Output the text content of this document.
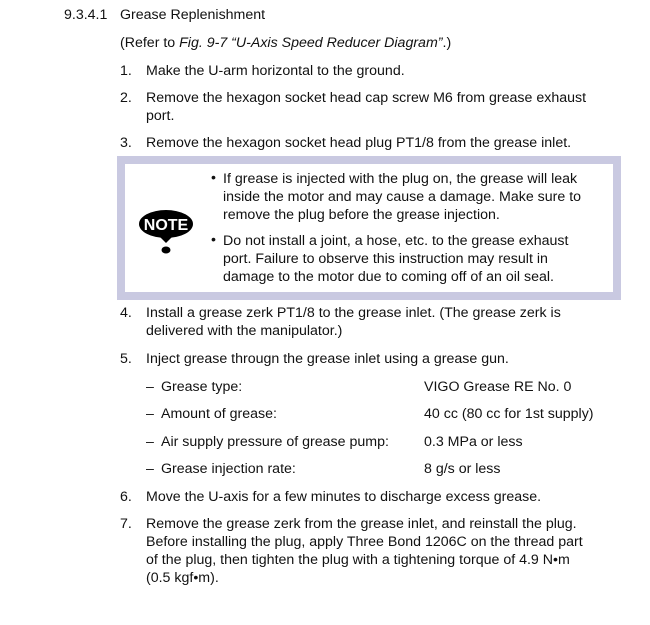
9.3.4.1 Grease Replenishment
(Refer to Fig. 9-7 “U-Axis Speed Reducer Diagram”.)
1. Make the U-arm horizontal to the ground.
2. Remove the hexagon socket head cap screw M6 from grease exhaust
port.
3. Remove the hexagon socket head plug PT1/8 from the grease inlet.
NOTE
• If grease is injected with the plug on, the grease will leak
inside the motor and may cause a damage. Make sure to
remove the plug before the grease injection.
• Do not install a joint, a hose, etc. to the grease exhaust
port. Failure to observe this instruction may result in
damage to the motor due to coming off of an oil seal.
4. Install a grease zerk PT1/8 to the grease inlet. (The grease zerk is
delivered with the manipulator.)
5. Inject grease througn the grease inlet using a grease gun.
– Grease type:	VIGO Grease RE No. 0
– Amount of grease:	40 cc (80 cc for 1st supply)
– Air supply pressure of grease pump: 0.3 MPa or less
– Grease injection rate:	8 g/s or less
6. Move the U-axis for a few minutes to discharge excess grease.
7. Remove the grease zerk from the grease inlet, and reinstall the plug.
Before installing the plug, apply Three Bond 1206C on the thread part
of the plug, then tighten the plug with a tightening torque of 4.9 N•m
(0.5 kgf•m).
